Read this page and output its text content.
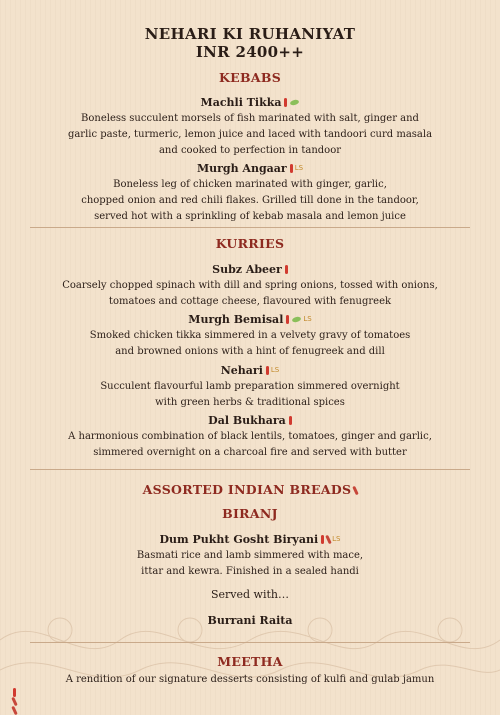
NEHARI KI RUHANIYAT
INR 2400++
KEBABS
Machli Tikka
Boneless succulent morsels of fish marinated with salt, ginger and
garlic paste, turmeric, lemon juice and laced with tandoori curd masala
and cooked to perfection in tandoor
Murgh Angaar LS
Boneless leg of chicken marinated with ginger, garlic,
chopped onion and red chili flakes. Grilled till done in the tandoor,
served hot with a sprinkling of kebab masala and lemon juice
KURRIES
Subz Abeer
Coarsely chopped spinach with dill and spring onions, tossed with onions,
tomatoes and cottage cheese, flavoured with fenugreek
Murgh Bemisal	LS
Smoked chicken tikka simmered in a velvety gravy of tomatoes
and browned onions with a hint of fenugreek and dill
Nehari LS
Succulent flavourful lamb preparation simmered overnight
with green herbs & traditional spices
Dal Bukhara
A harmonious combination of black lentils, tomatoes, ginger and garlic,
simmered overnight on a charcoal fire and served with butter
ASSORTED INDIAN BREADS
BIRANJ
Dum Pukht Gosht Biryani LS
Basmati rice and lamb simmered with mace,
ittar and kewra. Finished in a sealed handi
Served with…
Burrani Raita
MEETHA
A rendition of our signature desserts consisting of kulfi and gulab jamun
